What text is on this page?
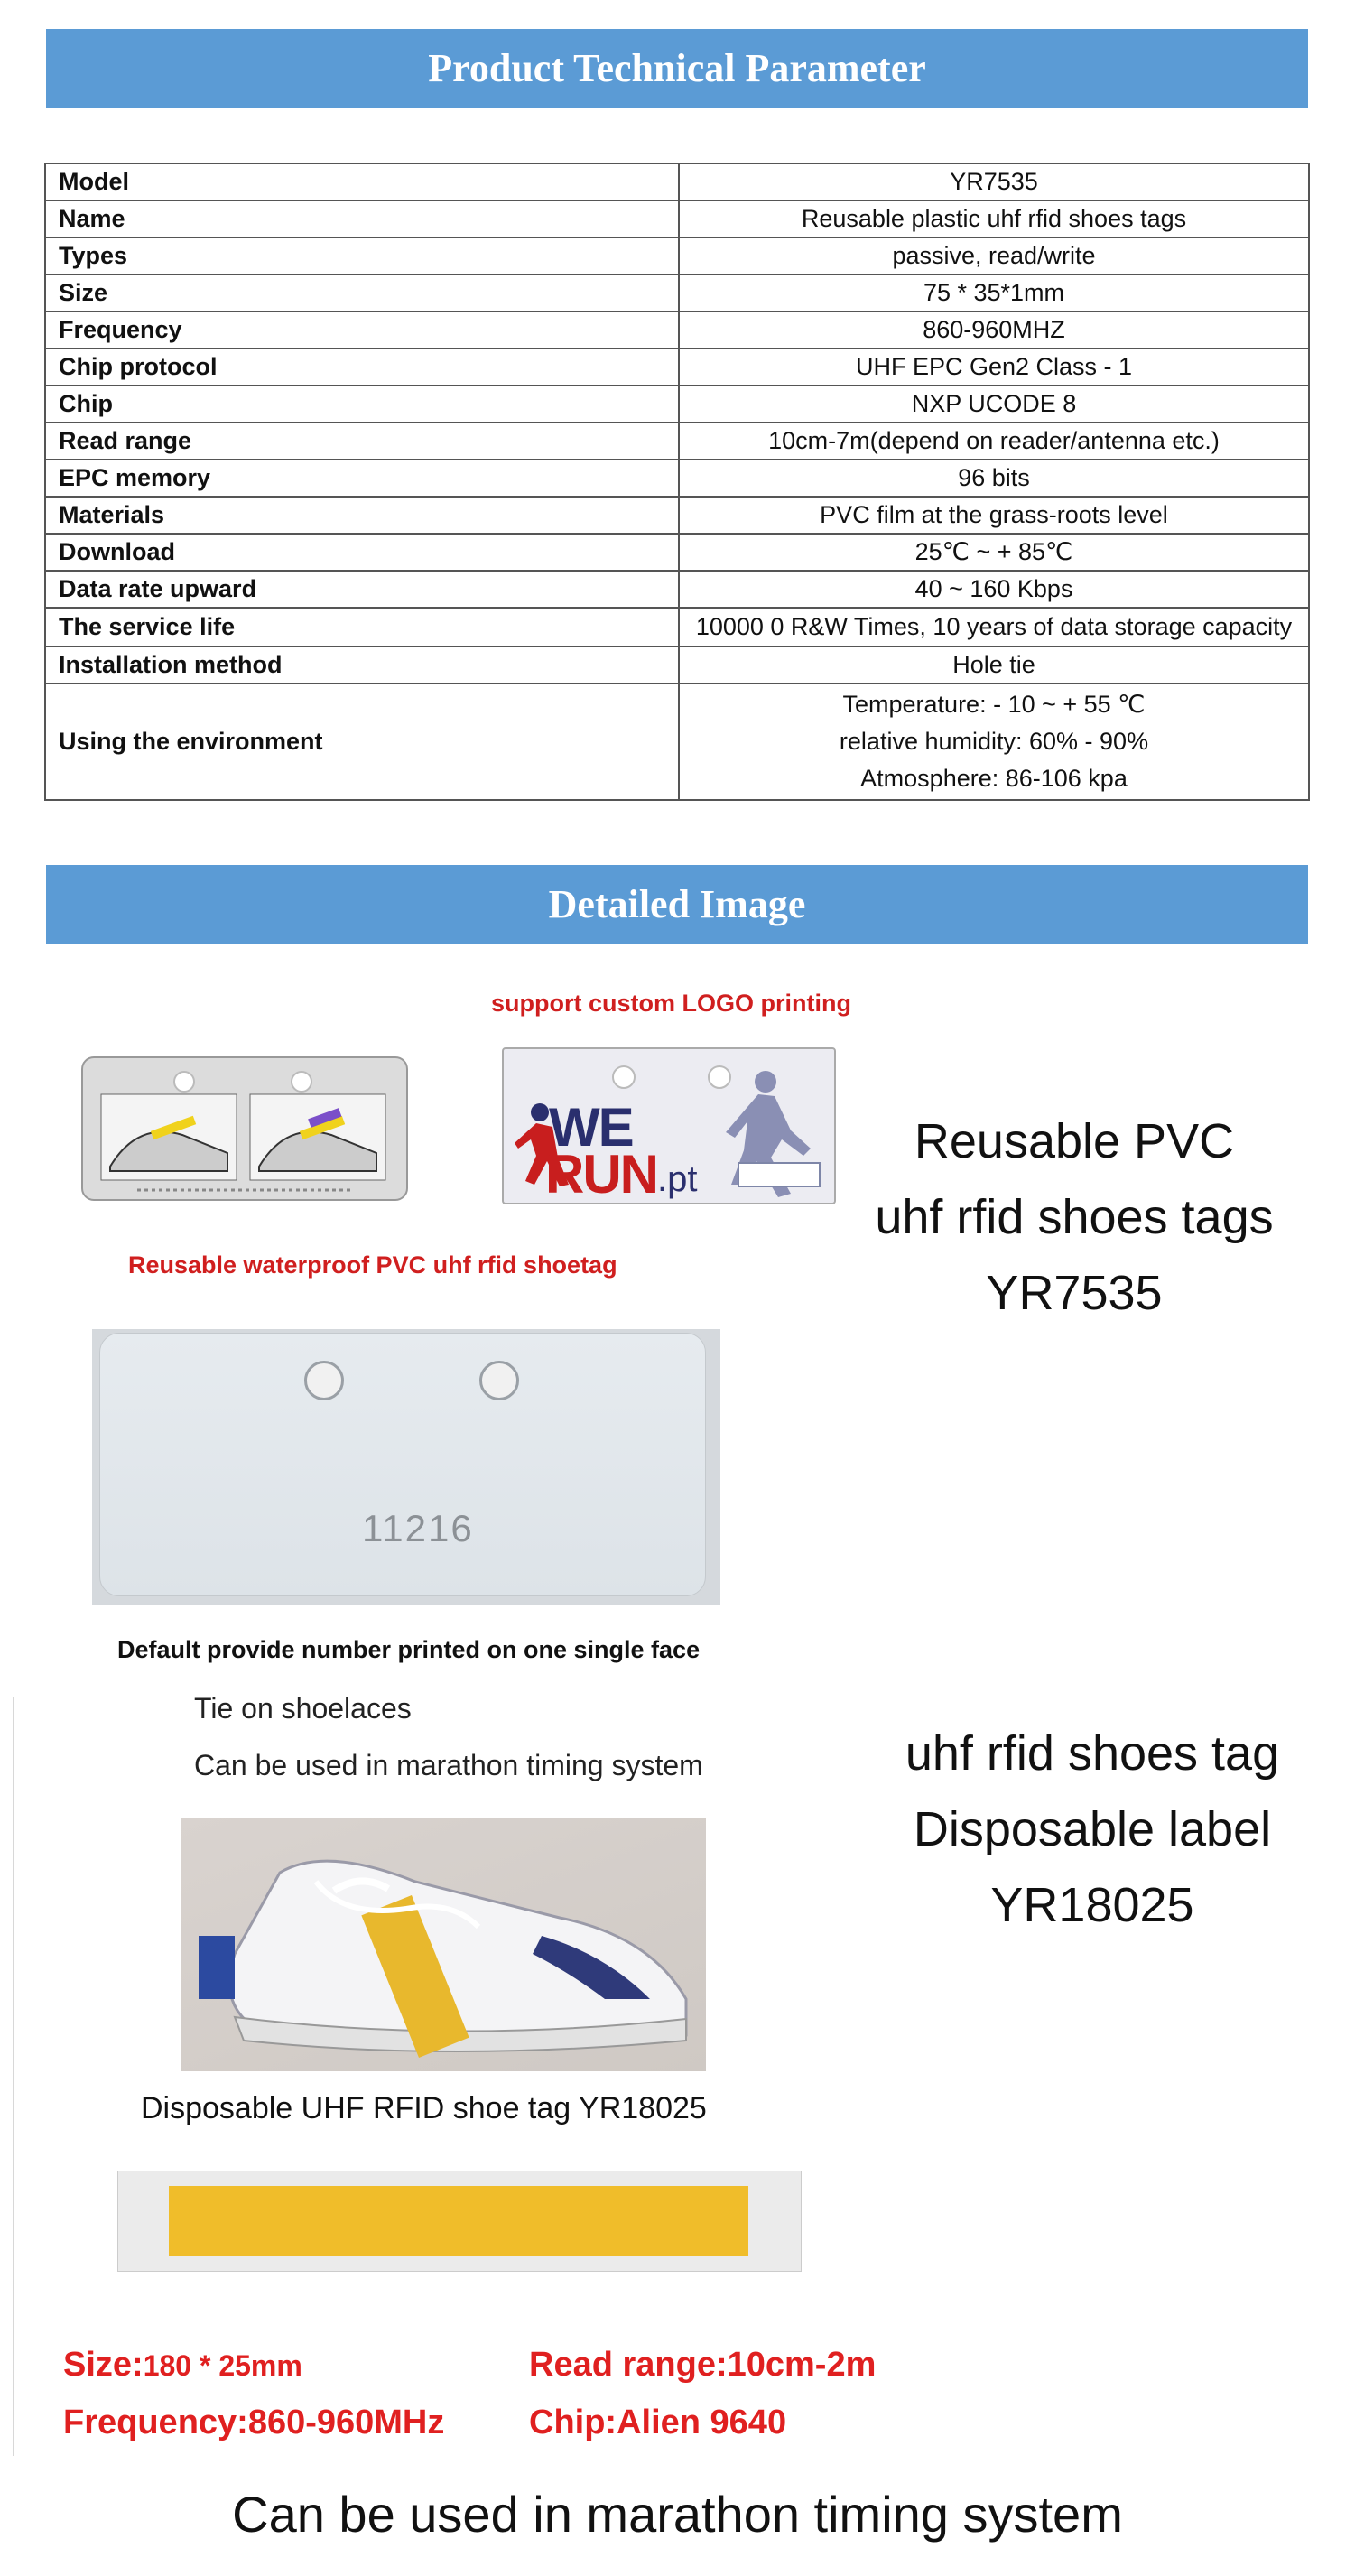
Product Technical Parameter
Model	YR7535
Name	Reusable plastic uhf rfid shoes tags
Types	passive, read/write
Size	75 * 35*1mm
Frequency	860-960MHZ
Chip protocol	UHF EPC Gen2 Class - 1
Chip	NXP UCODE 8
Read range	10cm-7m(depend on reader/antenna etc.)
EPC memory	96 bits
Materials	PVC film at the grass-roots level
Download	25℃ ~ + 85℃
Data rate upward	40 ~ 160 Kbps
The service life	10000 0 R&W Times, 10 years of data storage capacity
Installation method	Hole tie
Using the environment	Temperature: - 10 ~ + 55 ℃
relative humidity: 60% - 90%
Atmosphere: 86-106 kpa
Detailed Image
support custom LOGO printing
WE
RUN .pt
Reusable PVC
uhf rfid shoes tags
YR7535
Reusable waterproof PVC uhf rfid shoetag
11216
Default provide number printed on one single face
Tie on shoelaces
Can be used in marathon timing system	uhf rfid shoes tag
Disposable label
YR18025
Disposable UHF RFID shoe tag YR18025
Size:180 * 25mm	Read range:10cm-2m
Frequency:860-960MHz Chip:Alien 9640
Can be used in marathon timing system
